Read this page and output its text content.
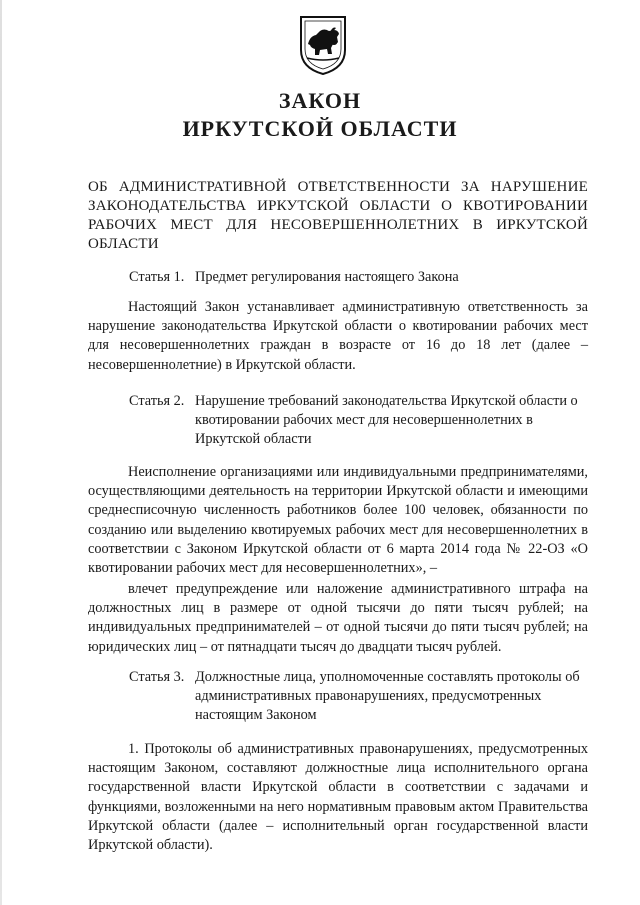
ЗАКОН
ИРКУТСКОЙ ОБЛАСТИ
ОБ АДМИНИСТРАТИВНОЙ ОТВЕТСТВЕННОСТИ ЗА НАРУШЕНИЕ ЗАКОНОДАТЕЛЬСТВА ИРКУТСКОЙ ОБЛАСТИ О КВОТИРОВАНИИ РАБОЧИХ МЕСТ ДЛЯ НЕСОВЕРШЕННОЛЕТНИХ В ИРКУТСКОЙ ОБЛАСТИ
Статья 1. Предмет регулирования настоящего Закона
Настоящий Закон устанавливает административную ответственность за нарушение законодательства Иркутской области о квотировании рабочих мест для несовершеннолетних граждан в возрасте от 16 до 18 лет (далее – несовершеннолетние) в Иркутской области.
Статья 2. Нарушение требований законодательства Иркутской области о квотировании рабочих мест для несовершеннолетних в Иркутской области
Неисполнение организациями или индивидуальными предпринимателями, осуществляющими деятельность на территории Иркутской области и имеющими среднесписочную численность работников более 100 человек, обязанности по созданию или выделению квотируемых рабочих мест для несовершеннолетних в соответствии с Законом Иркутской области от 6 марта 2014 года № 22-ОЗ «О квотировании рабочих мест для несовершеннолетних», –
влечет предупреждение или наложение административного штрафа на должностных лиц в размере от одной тысячи до пяти тысяч рублей; на индивидуальных предпринимателей – от одной тысячи до пяти тысяч рублей; на юридических лиц – от пятнадцати тысяч до двадцати тысяч рублей.
Статья 3. Должностные лица, уполномоченные составлять протоколы об административных правонарушениях, предусмотренных настоящим Законом
1. Протоколы об административных правонарушениях, предусмотренных настоящим Законом, составляют должностные лица исполнительного органа государственной власти Иркутской области в соответствии с задачами и функциями, возложенными на него нормативным правовым актом Правительства Иркутской области (далее – исполнительный орган государственной власти Иркутской области).
